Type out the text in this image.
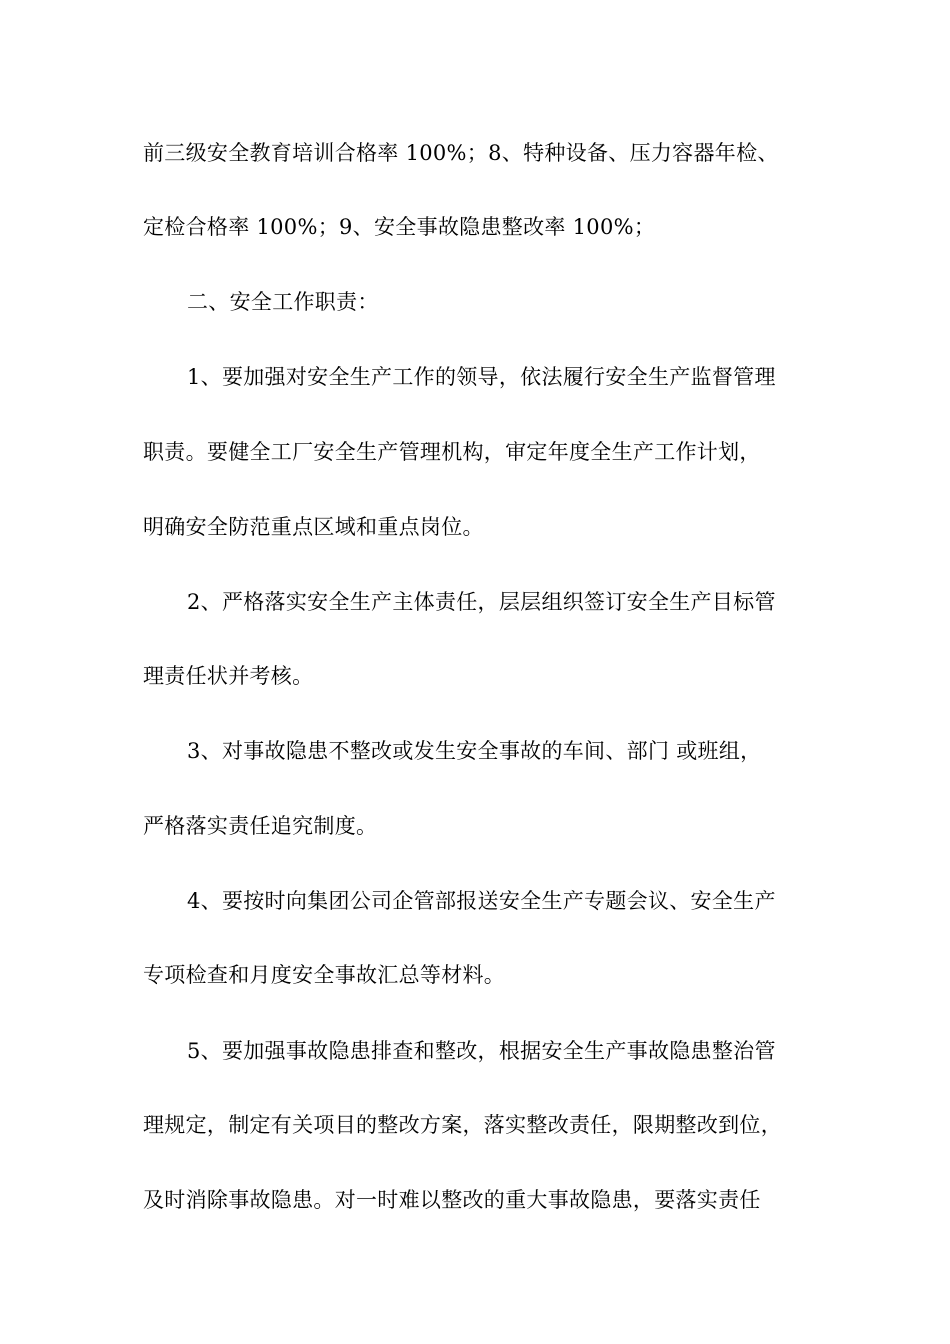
前三级安全教育培训合格率 100%；8、特种设备、压力容器年检、
定检合格率 100%；9、安全事故隐患整改率 100%；
二、安全工作职责：
1、要加强对安全生产工作的领导，依法履行安全生产监督管理
职责。要健全工厂安全生产管理机构，审定年度全生产工作计划，
明确安全防范重点区域和重点岗位。
2、严格落实安全生产主体责任，层层组织签订安全生产目标管
理责任状并考核。
3、对事故隐患不整改或发生安全事故的车间、部门 或班组，
严格落实责任追究制度。
4、要按时向集团公司企管部报送安全生产专题会议、安全生产
专项检查和月度安全事故汇总等材料。
5、要加强事故隐患排查和整改，根据安全生产事故隐患整治管
理规定，制定有关项目的整改方案，落实整改责任，限期整改到位，
及时消除事故隐患。对一时难以整改的重大事故隐患，要落实责任
